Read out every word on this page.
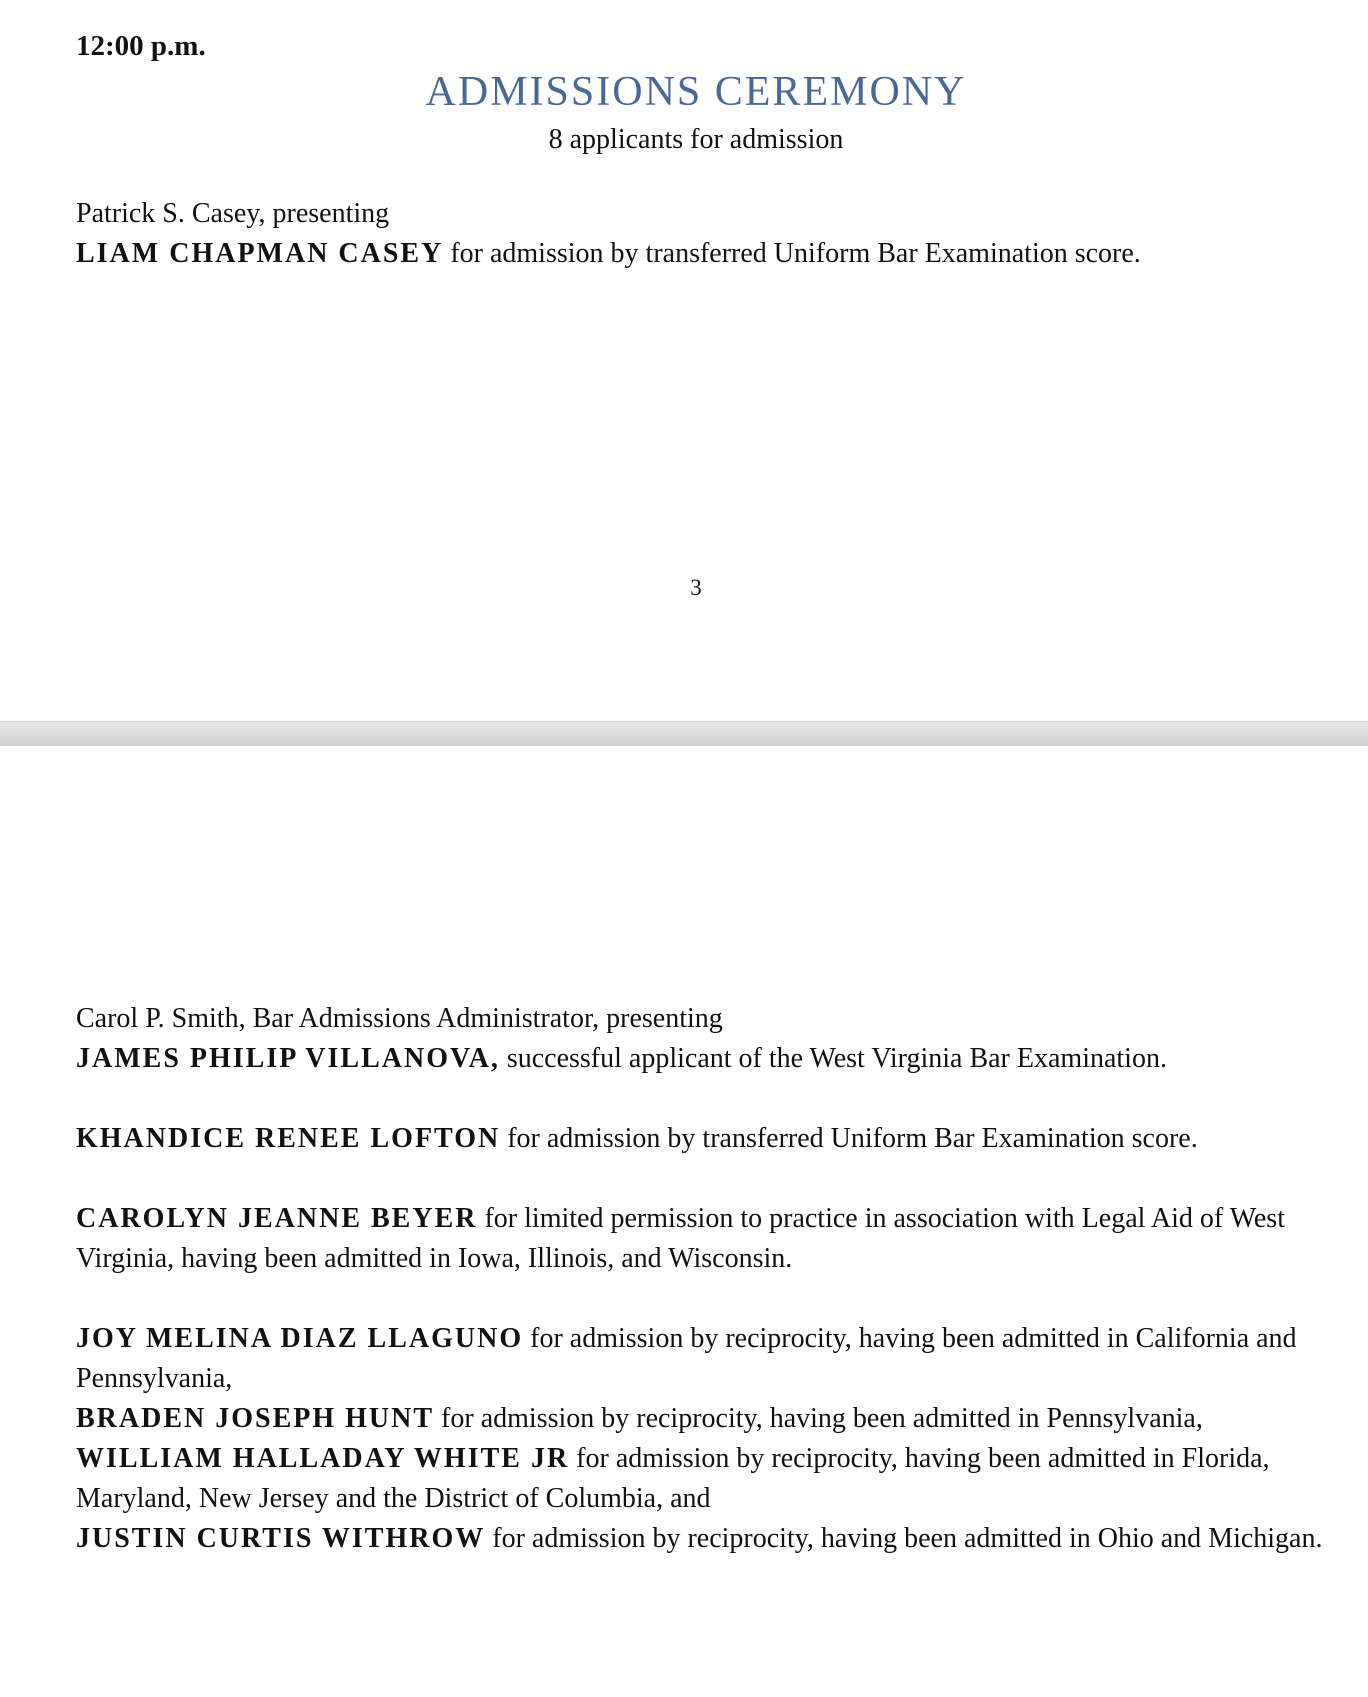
12:00 p.m.
ADMISSIONS CEREMONY
8 applicants for admission
Patrick S. Casey, presenting
LIAM CHAPMAN CASEY for admission by transferred Uniform Bar Examination score.
3
Carol P. Smith, Bar Admissions Administrator, presenting
JAMES PHILIP VILLANOVA, successful applicant of the West Virginia Bar Examination.
KHANDICE RENEE LOFTON for admission by transferred Uniform Bar Examination score.
CAROLYN JEANNE BEYER for limited permission to practice in association with Legal Aid of West Virginia, having been admitted in Iowa, Illinois, and Wisconsin.
JOY MELINA DIAZ LLAGUNO for admission by reciprocity, having been admitted in California and Pennsylvania,
BRADEN JOSEPH HUNT for admission by reciprocity, having been admitted in Pennsylvania,
WILLIAM HALLADAY WHITE JR for admission by reciprocity, having been admitted in Florida, Maryland, New Jersey and the District of Columbia, and
JUSTIN CURTIS WITHROW for admission by reciprocity, having been admitted in Ohio and Michigan.
